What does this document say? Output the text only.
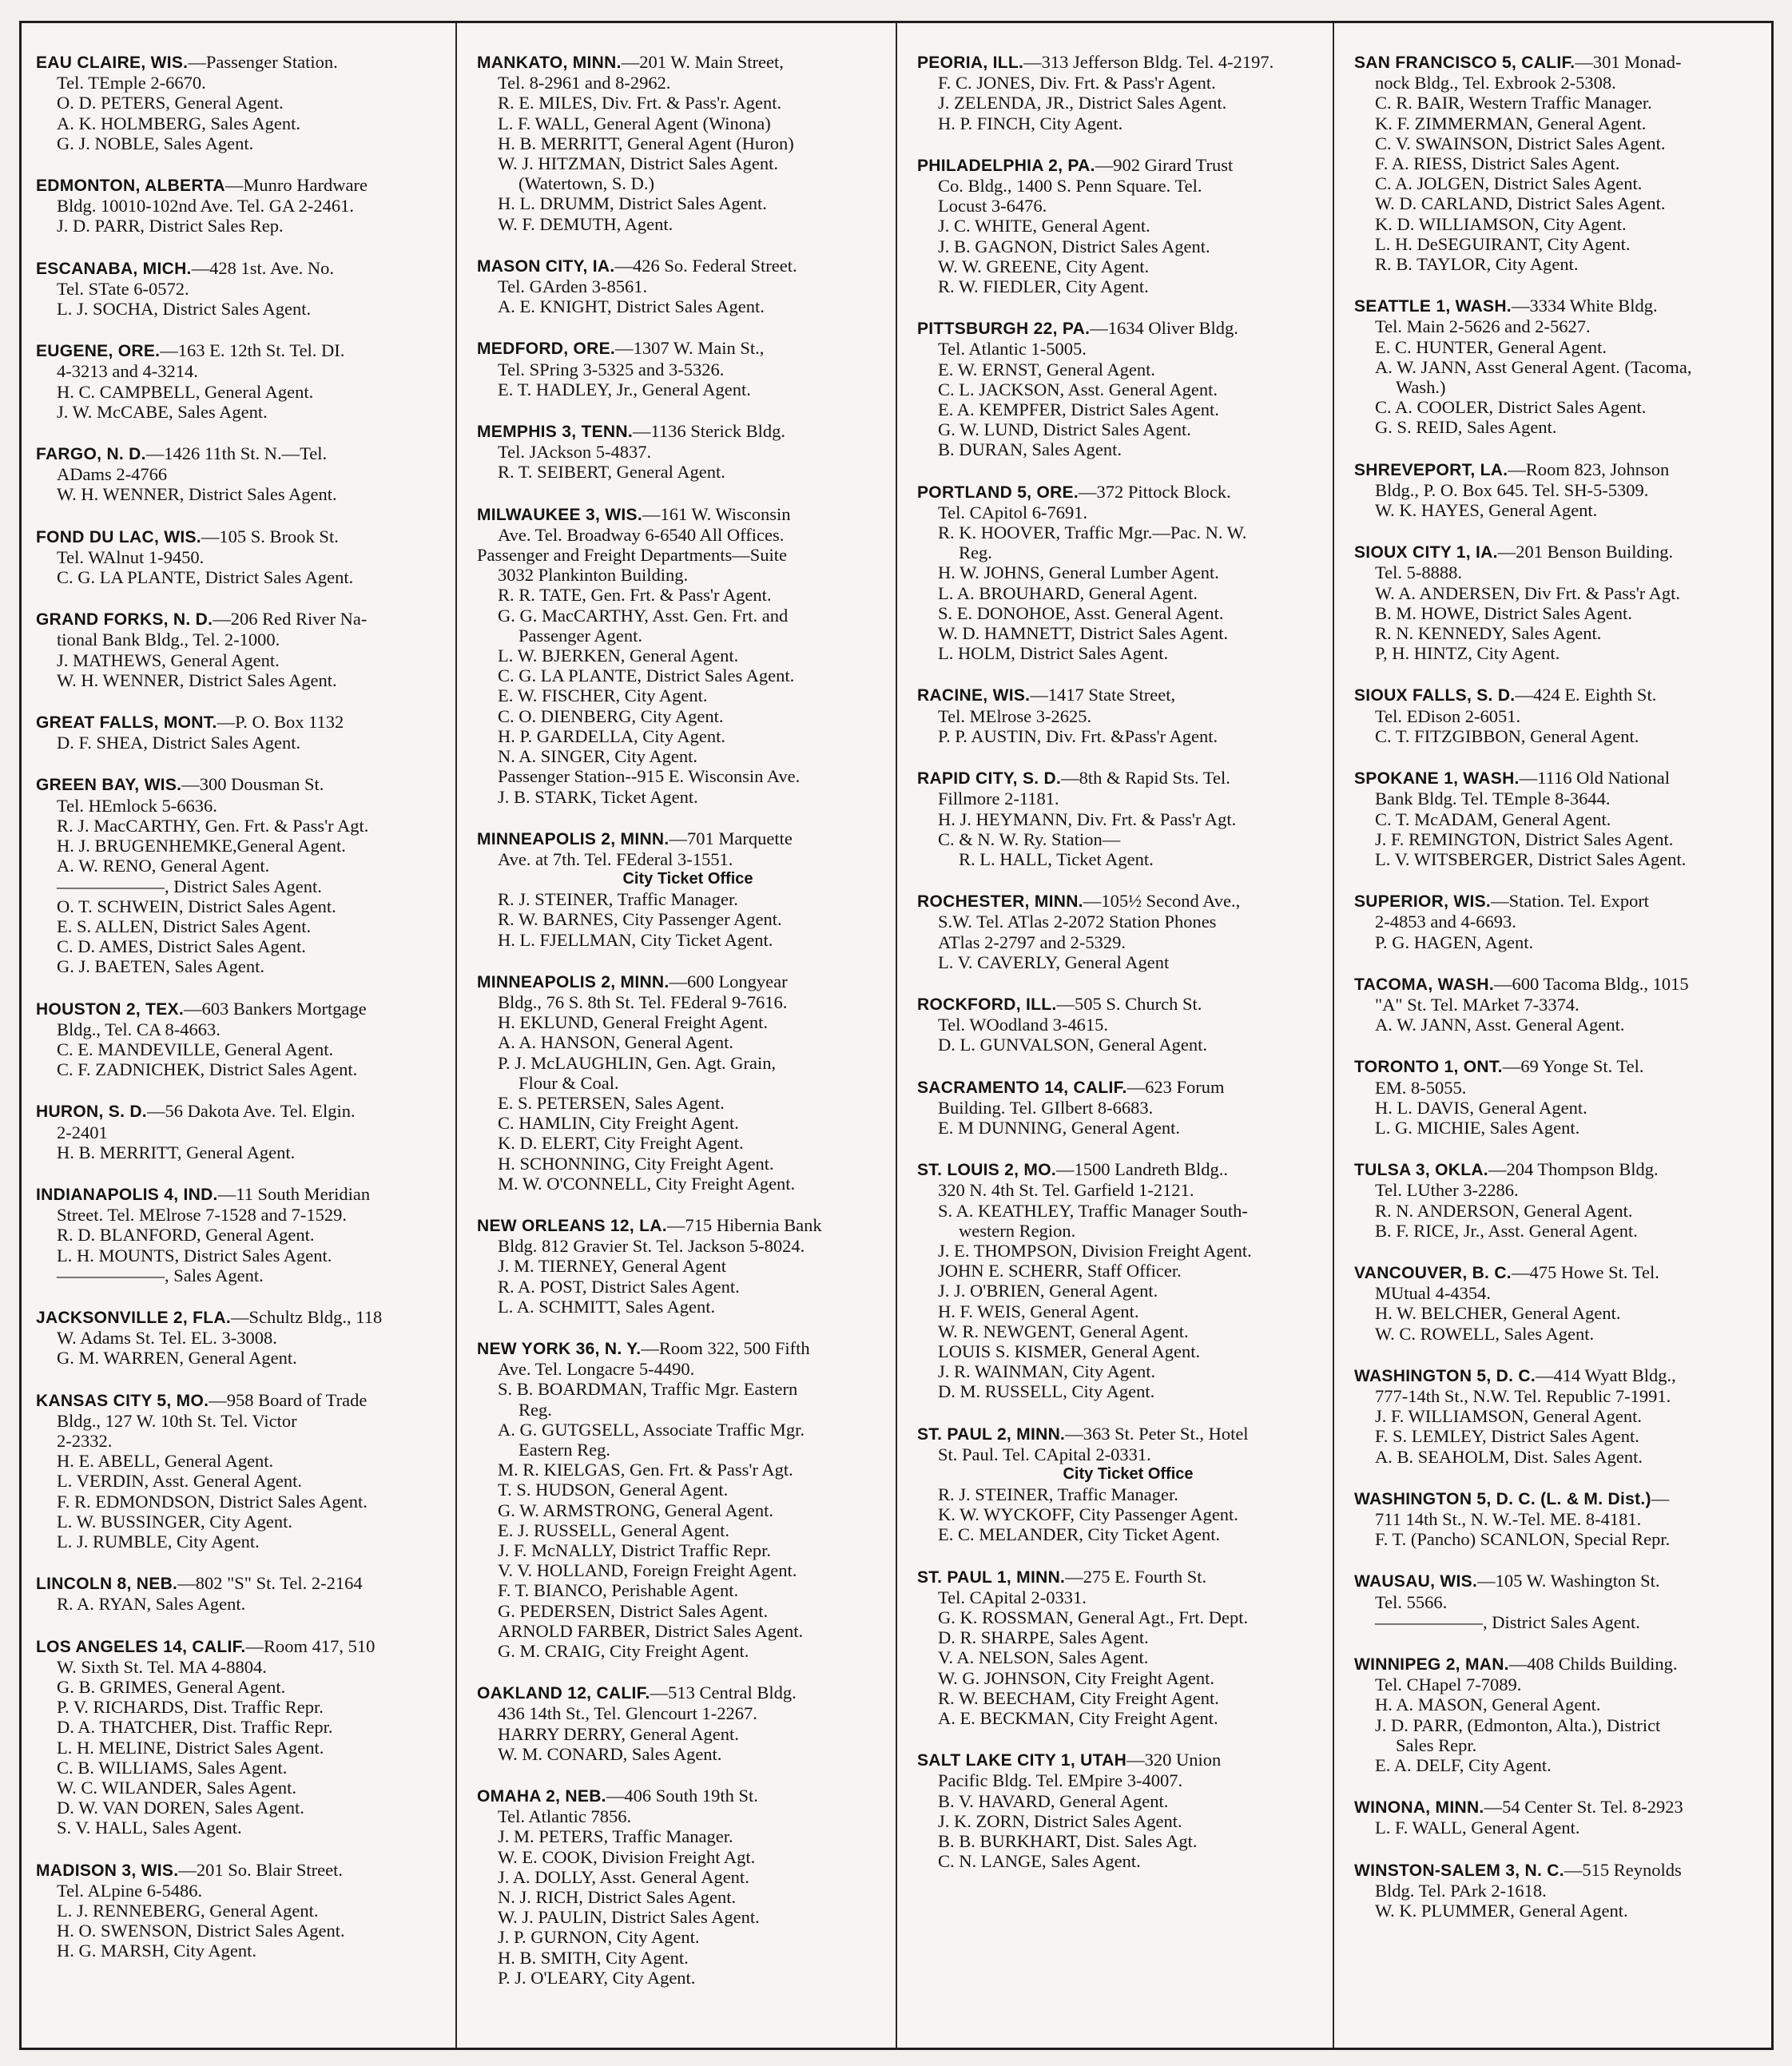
EAU CLAIRE, WIS.—Passenger Station.
Tel. TEmple 2-6670.
O. D. PETERS, General Agent.
A. K. HOLMBERG, Sales Agent.
G. J. NOBLE, Sales Agent.
EDMONTON, ALBERTA—Munro Hardware
Bldg. 10010-102nd Ave. Tel. GA 2-2461.
J. D. PARR, District Sales Rep.
ESCANABA, MICH.—428 1st. Ave. No.
Tel. STate 6-0572.
L. J. SOCHA, District Sales Agent.
EUGENE, ORE.—163 E. 12th St. Tel. DI.
4-3213 and 4-3214.
H. C. CAMPBELL, General Agent.
J. W. McCABE, Sales Agent.
FARGO, N. D.—1426 11th St. N.—Tel.
ADams 2-4766
W. H. WENNER, District Sales Agent.
FOND DU LAC, WIS.—105 S. Brook St.
Tel. WAlnut 1-9450.
C. G. LA PLANTE, District Sales Agent.
GRAND FORKS, N. D.—206 Red River Na-
tional Bank Bldg., Tel. 2-1000.
J. MATHEWS, General Agent.
W. H. WENNER, District Sales Agent.
GREAT FALLS, MONT.—P. O. Box 1132
D. F. SHEA, District Sales Agent.
GREEN BAY, WIS.—300 Dousman St.
Tel. HEmlock 5-6636.
R. J. MacCARTHY, Gen. Frt. & Pass'r Agt.
H. J. BRUGENHEMKE,General Agent.
A. W. RENO, General Agent.
——————, District Sales Agent.
O. T. SCHWEIN, District Sales Agent.
E. S. ALLEN, District Sales Agent.
C. D. AMES, District Sales Agent.
G. J. BAETEN, Sales Agent.
HOUSTON 2, TEX.—603 Bankers Mortgage
Bldg., Tel. CA 8-4663.
C. E. MANDEVILLE, General Agent.
C. F. ZADNICHEK, District Sales Agent.
HURON, S. D.—56 Dakota Ave. Tel. Elgin.
2-2401
H. B. MERRITT, General Agent.
INDIANAPOLIS 4, IND.—11 South Meridian
Street. Tel. MElrose 7-1528 and 7-1529.
R. D. BLANFORD, General Agent.
L. H. MOUNTS, District Sales Agent.
——————, Sales Agent.
JACKSONVILLE 2, FLA.—Schultz Bldg., 118
W. Adams St. Tel. EL. 3-3008.
G. M. WARREN, General Agent.
KANSAS CITY 5, MO.—958 Board of Trade
Bldg., 127 W. 10th St. Tel. Victor
2-2332.
H. E. ABELL, General Agent.
L. VERDIN, Asst. General Agent.
F. R. EDMONDSON, District Sales Agent.
L. W. BUSSINGER, City Agent.
L. J. RUMBLE, City Agent.
LINCOLN 8, NEB.—802 "S" St. Tel. 2-2164
R. A. RYAN, Sales Agent.
LOS ANGELES 14, CALIF.—Room 417, 510
W. Sixth St. Tel. MA 4-8804.
G. B. GRIMES, General Agent.
P. V. RICHARDS, Dist. Traffic Repr.
D. A. THATCHER, Dist. Traffic Repr.
L. H. MELINE, District Sales Agent.
C. B. WILLIAMS, Sales Agent.
W. C. WILANDER, Sales Agent.
D. W. VAN DOREN, Sales Agent.
S. V. HALL, Sales Agent.
MADISON 3, WIS.—201 So. Blair Street.
Tel. ALpine 6-5486.
L. J. RENNEBERG, General Agent.
H. O. SWENSON, District Sales Agent.
H. G. MARSH, City Agent.
MANKATO, MINN.—201 W. Main Street,
Tel. 8-2961 and 8-2962.
R. E. MILES, Div. Frt. & Pass'r. Agent.
L. F. WALL, General Agent (Winona)
H. B. MERRITT, General Agent (Huron)
W. J. HITZMAN, District Sales Agent.
(Watertown, S. D.)
H. L. DRUMM, District Sales Agent.
W. F. DEMUTH, Agent.
MASON CITY, IA.—426 So. Federal Street.
Tel. GArden 3-8561.
A. E. KNIGHT, District Sales Agent.
MEDFORD, ORE.—1307 W. Main St.,
Tel. SPring 3-5325 and 3-5326.
E. T. HADLEY, Jr., General Agent.
MEMPHIS 3, TENN.—1136 Sterick Bldg.
Tel. JAckson 5-4837.
R. T. SEIBERT, General Agent.
MILWAUKEE 3, WIS.—161 W. Wisconsin
Ave. Tel. Broadway 6-6540 All Offices.
Passenger and Freight Departments—Suite
3032 Plankinton Building.
R. R. TATE, Gen. Frt. & Pass'r Agent.
G. G. MacCARTHY, Asst. Gen. Frt. and
Passenger Agent.
L. W. BJERKEN, General Agent.
C. G. LA PLANTE, District Sales Agent.
E. W. FISCHER, City Agent.
C. O. DIENBERG, City Agent.
H. P. GARDELLA, City Agent.
N. A. SINGER, City Agent.
Passenger Station--915 E. Wisconsin Ave.
J. B. STARK, Ticket Agent.
MINNEAPOLIS 2, MINN.—701 Marquette
Ave. at 7th. Tel. FEderal 3-1551.
City Ticket Office
R. J. STEINER, Traffic Manager.
R. W. BARNES, City Passenger Agent.
H. L. FJELLMAN, City Ticket Agent.
MINNEAPOLIS 2, MINN.—600 Longyear
Bldg., 76 S. 8th St. Tel. FEderal 9-7616.
H. EKLUND, General Freight Agent.
A. A. HANSON, General Agent.
P. J. McLAUGHLIN, Gen. Agt. Grain,
Flour & Coal.
E. S. PETERSEN, Sales Agent.
C. HAMLIN, City Freight Agent.
K. D. ELERT, City Freight Agent.
H. SCHONNING, City Freight Agent.
M. W. O'CONNELL, City Freight Agent.
NEW ORLEANS 12, LA.—715 Hibernia Bank
Bldg. 812 Gravier St. Tel. Jackson 5-8024.
J. M. TIERNEY, General Agent
R. A. POST, District Sales Agent.
L. A. SCHMITT, Sales Agent.
NEW YORK 36, N. Y.—Room 322, 500 Fifth
Ave. Tel. Longacre 5-4490.
S. B. BOARDMAN, Traffic Mgr. Eastern
Reg.
A. G. GUTGSELL, Associate Traffic Mgr.
Eastern Reg.
M. R. KIELGAS, Gen. Frt. & Pass'r Agt.
T. S. HUDSON, General Agent.
G. W. ARMSTRONG, General Agent.
E. J. RUSSELL, General Agent.
J. F. McNALLY, District Traffic Repr.
V. V. HOLLAND, Foreign Freight Agent.
F. T. BIANCO, Perishable Agent.
G. PEDERSEN, District Sales Agent.
ARNOLD FARBER, District Sales Agent.
G. M. CRAIG, City Freight Agent.
OAKLAND 12, CALIF.—513 Central Bldg.
436 14th St., Tel. Glencourt 1-2267.
HARRY DERRY, General Agent.
W. M. CONARD, Sales Agent.
OMAHA 2, NEB.—406 South 19th St.
Tel. Atlantic 7856.
J. M. PETERS, Traffic Manager.
W. E. COOK, Division Freight Agt.
J. A. DOLLY, Asst. General Agent.
N. J. RICH, District Sales Agent.
W. J. PAULIN, District Sales Agent.
J. P. GURNON, City Agent.
H. B. SMITH, City Agent.
P. J. O'LEARY, City Agent.
PEORIA, ILL.—313 Jefferson Bldg. Tel. 4-2197.
F. C. JONES, Div. Frt. & Pass'r Agent.
J. ZELENDA, JR., District Sales Agent.
H. P. FINCH, City Agent.
PHILADELPHIA 2, PA.—902 Girard Trust
Co. Bldg., 1400 S. Penn Square. Tel.
Locust 3-6476.
J. C. WHITE, General Agent.
J. B. GAGNON, District Sales Agent.
W. W. GREENE, City Agent.
R. W. FIEDLER, City Agent.
PITTSBURGH 22, PA.—1634 Oliver Bldg.
Tel. Atlantic 1-5005.
E. W. ERNST, General Agent.
C. L. JACKSON, Asst. General Agent.
E. A. KEMPFER, District Sales Agent.
G. W. LUND, District Sales Agent.
B. DURAN, Sales Agent.
PORTLAND 5, ORE.—372 Pittock Block.
Tel. CApitol 6-7691.
R. K. HOOVER, Traffic Mgr.—Pac. N. W.
Reg.
H. W. JOHNS, General Lumber Agent.
L. A. BROUHARD, General Agent.
S. E. DONOHOE, Asst. General Agent.
W. D. HAMNETT, District Sales Agent.
L. HOLM, District Sales Agent.
RACINE, WIS.—1417 State Street,
Tel. MElrose 3-2625.
P. P. AUSTIN, Div. Frt. &Pass'r Agent.
RAPID CITY, S. D.—8th & Rapid Sts. Tel.
Fillmore 2-1181.
H. J. HEYMANN, Div. Frt. & Pass'r Agt.
C. & N. W. Ry. Station—
R. L. HALL, Ticket Agent.
ROCHESTER, MINN.—105½ Second Ave.,
S.W. Tel. ATlas 2-2072 Station Phones
ATlas 2-2797 and 2-5329.
L. V. CAVERLY, General Agent
ROCKFORD, ILL.—505 S. Church St.
Tel. WOodland 3-4615.
D. L. GUNVALSON, General Agent.
SACRAMENTO 14, CALIF.—623 Forum
Building. Tel. GIlbert 8-6683.
E. M DUNNING, General Agent.
ST. LOUIS 2, MO.—1500 Landreth Bldg..
320 N. 4th St. Tel. Garfield 1-2121.
S. A. KEATHLEY, Traffic Manager South-
western Region.
J. E. THOMPSON, Division Freight Agent.
JOHN E. SCHERR, Staff Officer.
J. J. O'BRIEN, General Agent.
H. F. WEIS, General Agent.
W. R. NEWGENT, General Agent.
LOUIS S. KISMER, General Agent.
J. R. WAINMAN, City Agent.
D. M. RUSSELL, City Agent.
ST. PAUL 2, MINN.—363 St. Peter St., Hotel
St. Paul. Tel. CApital 2-0331.
City Ticket Office
R. J. STEINER, Traffic Manager.
K. W. WYCKOFF, City Passenger Agent.
E. C. MELANDER, City Ticket Agent.
ST. PAUL 1, MINN.—275 E. Fourth St.
Tel. CApital 2-0331.
G. K. ROSSMAN, General Agt., Frt. Dept.
D. R. SHARPE, Sales Agent.
V. A. NELSON, Sales Agent.
W. G. JOHNSON, City Freight Agent.
R. W. BEECHAM, City Freight Agent.
A. E. BECKMAN, City Freight Agent.
SALT LAKE CITY 1, UTAH—320 Union
Pacific Bldg. Tel. EMpire 3-4007.
B. V. HAVARD, General Agent.
J. K. ZORN, District Sales Agent.
B. B. BURKHART, Dist. Sales Agt.
C. N. LANGE, Sales Agent.
SAN FRANCISCO 5, CALIF.—301 Monad-
nock Bldg., Tel. Exbrook 2-5308.
C. R. BAIR, Western Traffic Manager.
K. F. ZIMMERMAN, General Agent.
C. V. SWAINSON, District Sales Agent.
F. A. RIESS, District Sales Agent.
C. A. JOLGEN, District Sales Agent.
W. D. CARLAND, District Sales Agent.
K. D. WILLIAMSON, City Agent.
L. H. DeSEGUIRANT, City Agent.
R. B. TAYLOR, City Agent.
SEATTLE 1, WASH.—3334 White Bldg.
Tel. Main 2-5626 and 2-5627.
E. C. HUNTER, General Agent.
A. W. JANN, Asst General Agent. (Tacoma,
Wash.)
C. A. COOLER, District Sales Agent.
G. S. REID, Sales Agent.
SHREVEPORT, LA.—Room 823, Johnson
Bldg., P. O. Box 645. Tel. SH-5-5309.
W. K. HAYES, General Agent.
SIOUX CITY 1, IA.—201 Benson Building.
Tel. 5-8888.
W. A. ANDERSEN, Div Frt. & Pass'r Agt.
B. M. HOWE, District Sales Agent.
R. N. KENNEDY, Sales Agent.
P, H. HINTZ, City Agent.
SIOUX FALLS, S. D.—424 E. Eighth St.
Tel. EDison 2-6051.
C. T. FITZGIBBON, General Agent.
SPOKANE 1, WASH.—1116 Old National
Bank Bldg. Tel. TEmple 8-3644.
C. T. McADAM, General Agent.
J. F. REMINGTON, District Sales Agent.
L. V. WITSBERGER, District Sales Agent.
SUPERIOR, WIS.—Station. Tel. Export
2-4853 and 4-6693.
P. G. HAGEN, Agent.
TACOMA, WASH.—600 Tacoma Bldg., 1015
"A" St. Tel. MArket 7-3374.
A. W. JANN, Asst. General Agent.
TORONTO 1, ONT.—69 Yonge St. Tel.
EM. 8-5055.
H. L. DAVIS, General Agent.
L. G. MICHIE, Sales Agent.
TULSA 3, OKLA.—204 Thompson Bldg.
Tel. LUther 3-2286.
R. N. ANDERSON, General Agent.
B. F. RICE, Jr., Asst. General Agent.
VANCOUVER, B. C.—475 Howe St. Tel.
MUtual 4-4354.
H. W. BELCHER, General Agent.
W. C. ROWELL, Sales Agent.
WASHINGTON 5, D. C.—414 Wyatt Bldg.,
777-14th St., N.W. Tel. Republic 7-1991.
J. F. WILLIAMSON, General Agent.
F. S. LEMLEY, District Sales Agent.
A. B. SEAHOLM, Dist. Sales Agent.
WASHINGTON 5, D. C. (L. & M. Dist.)—
711 14th St., N. W.-Tel. ME. 8-4181.
F. T. (Pancho) SCANLON, Special Repr.
WAUSAU, WIS.—105 W. Washington St.
Tel. 5566.
——————, District Sales Agent.
WINNIPEG 2, MAN.—408 Childs Building.
Tel. CHapel 7-7089.
H. A. MASON, General Agent.
J. D. PARR, (Edmonton, Alta.), District
Sales Repr.
E. A. DELF, City Agent.
WINONA, MINN.—54 Center St. Tel. 8-2923
L. F. WALL, General Agent.
WINSTON-SALEM 3, N. C.—515 Reynolds
Bldg. Tel. PArk 2-1618.
W. K. PLUMMER, General Agent.
